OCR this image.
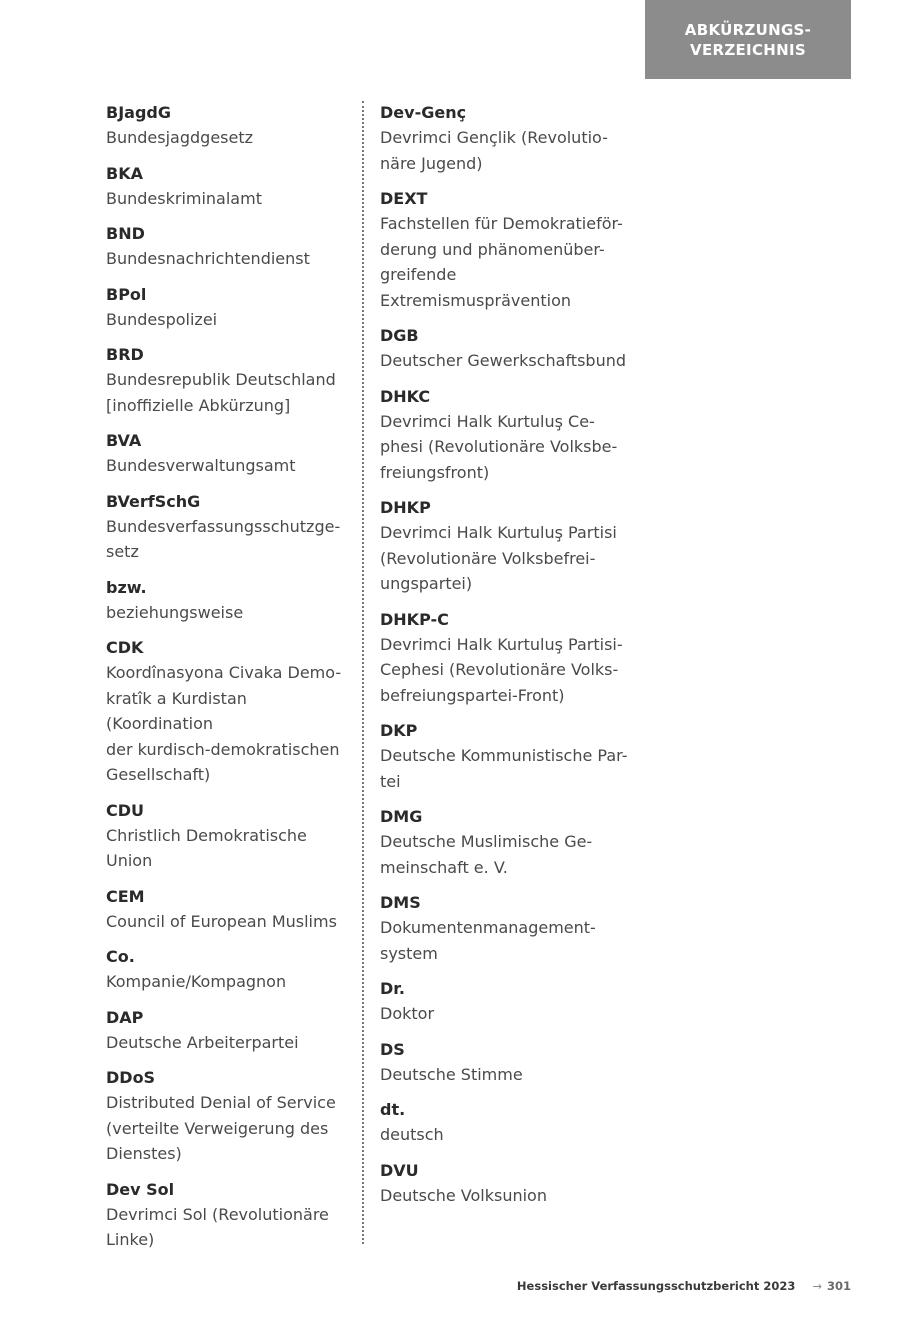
ABKÜRZUNGS-
VERZEICHNIS
BJagdG
Bundesjagdgesetz
BKA
Bundeskriminalamt
BND
Bundesnachrichtendienst
BPol
Bundespolizei
BRD
Bundesrepublik Deutschland
[inoffizielle Abkürzung]
BVA
Bundesverwaltungsamt
BVerfSchG
Bundesverfassungsschutzge-
setz
bzw.
beziehungsweise
CDK
Koordînasyona Civaka Demo-
kratîk a Kurdistan (Koordination
der kurdisch-demokratischen
Gesellschaft)
CDU
Christlich Demokratische
Union
CEM
Council of European Muslims
Co.
Kompanie/Kompagnon
DAP
Deutsche Arbeiterpartei
DDoS
Distributed Denial of Service
(verteilte Verweigerung des
Dienstes)
Dev Sol
Devrimci Sol (Revolutionäre
Linke)
Dev-Genç
Devrimci Gençlik (Revolutio-
näre Jugend)
DEXT
Fachstellen für Demokratieför-
derung und phänomenüber-
greifende Extremismusprävention
DGB
Deutscher Gewerkschaftsbund
DHKC
Devrimci Halk Kurtuluş Ce-
phesi (Revolutionäre Volksbe-
freiungsfront)
DHKP
Devrimci Halk Kurtuluş Partisi
(Revolutionäre Volksbefrei-
ungspartei)
DHKP-C
Devrimci Halk Kurtuluş Partisi-
Cephesi (Revolutionäre Volks-
befreiungspartei-Front)
DKP
Deutsche Kommunistische Par-
tei
DMG
Deutsche Muslimische Ge-
meinschaft e. V.
DMS
Dokumentenmanagement-
system
Dr.
Doktor
DS
Deutsche Stimme
dt.
deutsch
DVU
Deutsche Volksunion
Hessischer Verfassungsschutzbericht 2023 → 301
